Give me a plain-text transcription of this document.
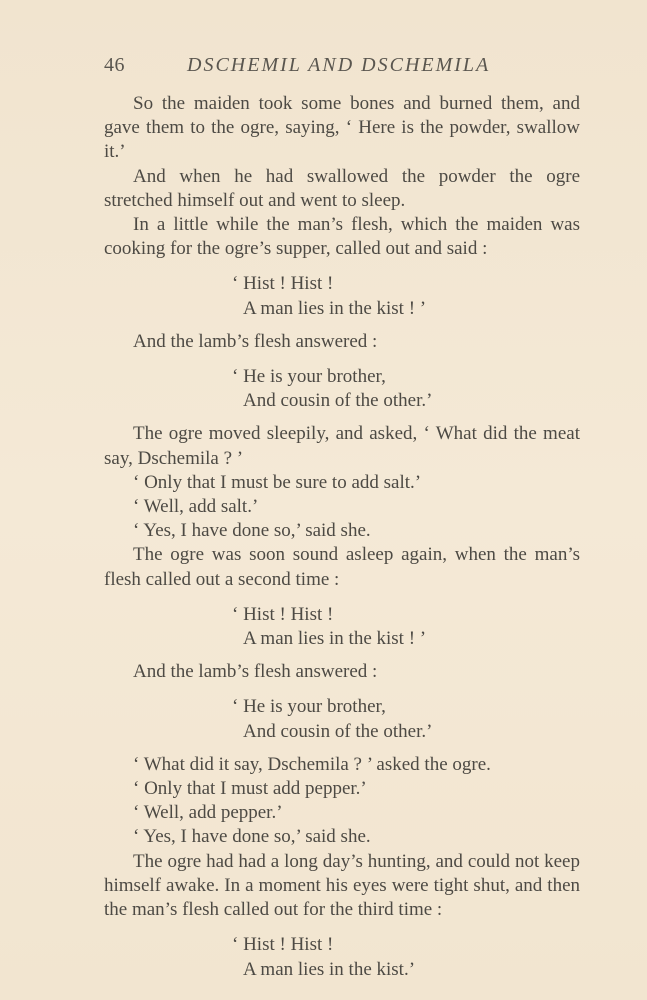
46	DSCHEMIL AND DSCHEMILA

So the maiden took some bones and burned them, and gave them to the ogre, saying, ‘ Here is the powder, swallow it.’

And when he had swallowed the powder the ogre stretched himself out and went to sleep.

In a little while the man’s flesh, which the maiden was cooking for the ogre’s supper, called out and said :

‘ Hist ! Hist !
A man lies in the kist ! ’

And the lamb’s flesh answered :

‘ He is your brother,
And cousin of the other.’

The ogre moved sleepily, and asked, ‘ What did the meat say, Dschemila ? ’

‘ Only that I must be sure to add salt.’

‘ Well, add salt.’

‘ Yes, I have done so,’ said she.

The ogre was soon sound asleep again, when the man’s flesh called out a second time :

‘ Hist ! Hist !
A man lies in the kist ! ’

And the lamb’s flesh answered :

‘ He is your brother,
And cousin of the other.’

‘ What did it say, Dschemila ? ’ asked the ogre.

‘ Only that I must add pepper.’

‘ Well, add pepper.’

‘ Yes, I have done so,’ said she.

The ogre had had a long day’s hunting, and could not keep himself awake. In a moment his eyes were tight shut, and then the man’s flesh called out for the third time :

‘ Hist ! Hist !
A man lies in the kist.’
